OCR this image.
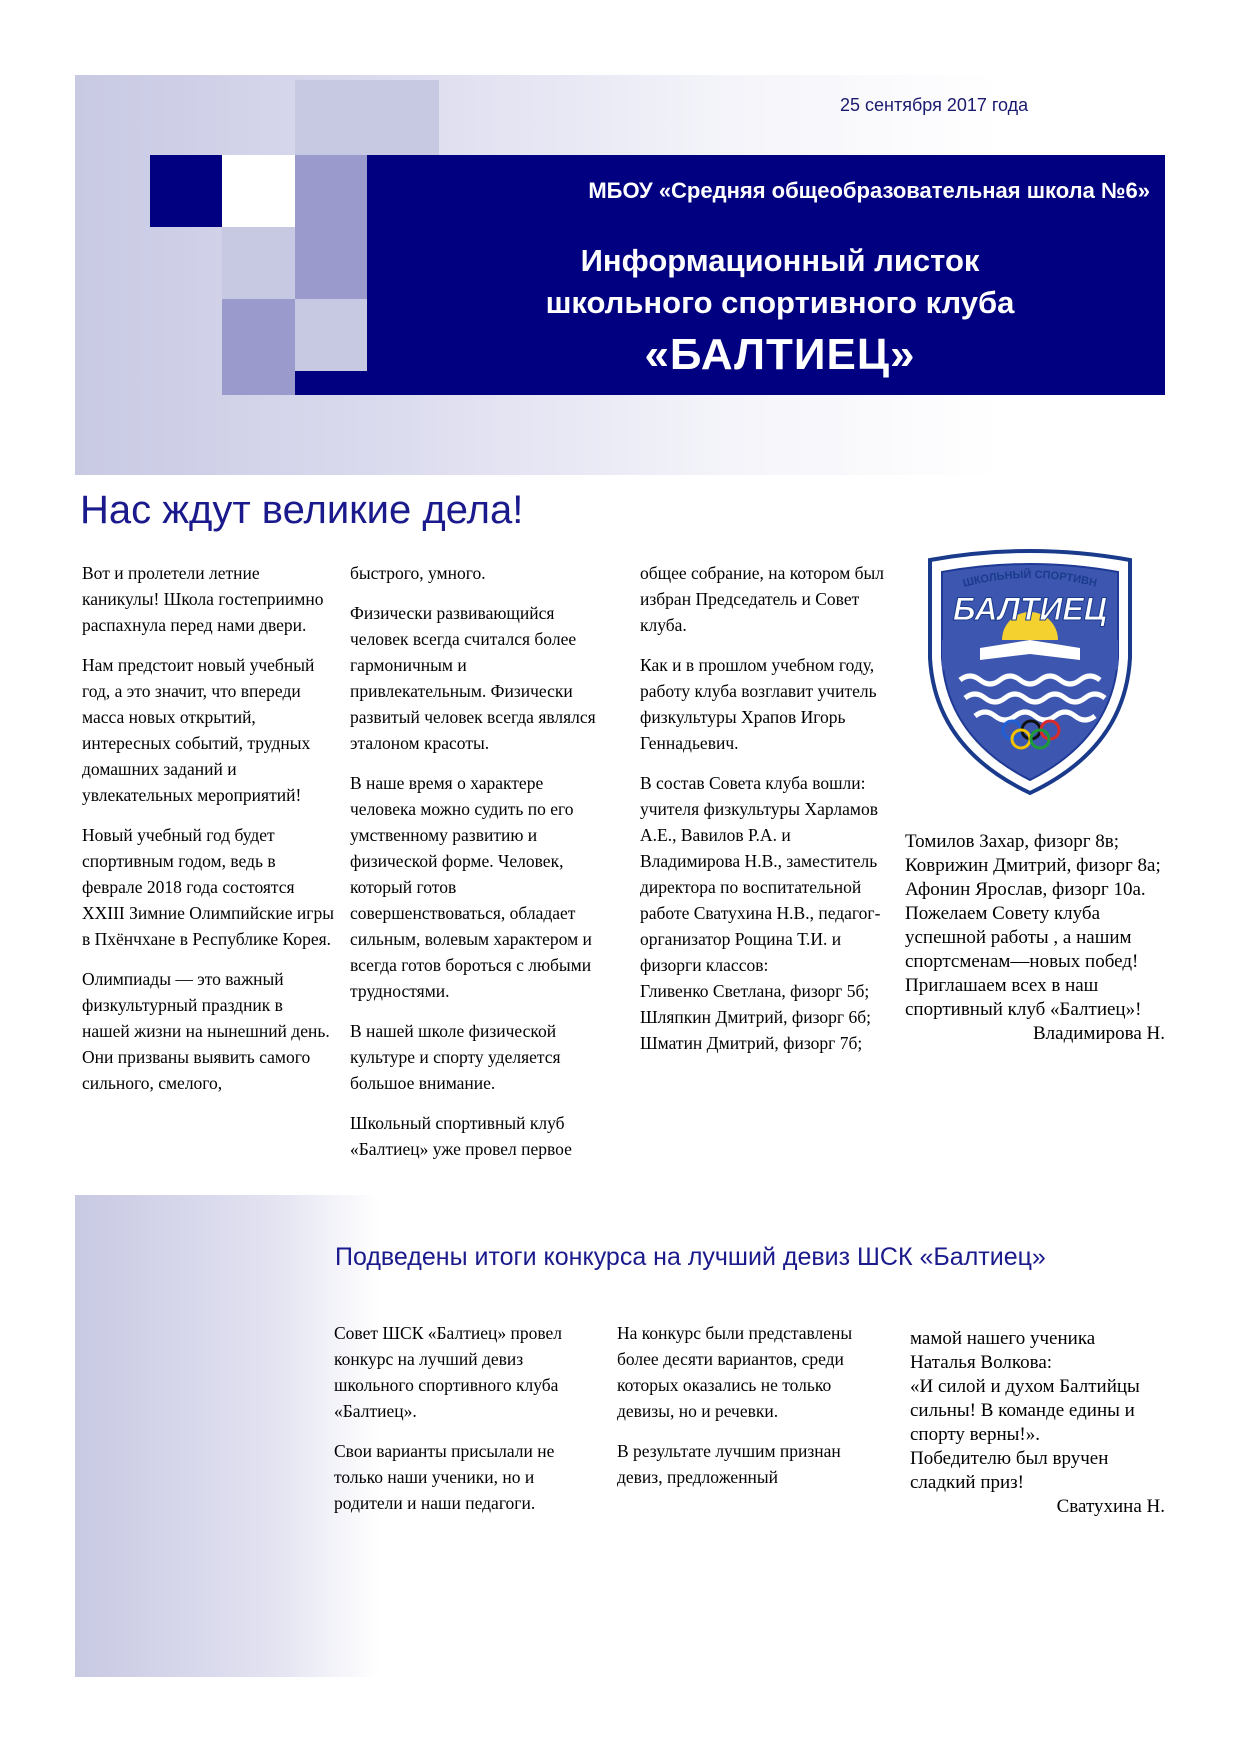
25 сентября 2017 года
МБОУ «Средняя общеобразовательная школа №6»
Информационный листок
школьного спортивного клуба
«БАЛТИЕЦ»
Нас ждут великие дела!

Вот и пролетели летние каникулы! Школа гостеприимно распахнула перед нами двери.

Нам предстоит новый учебный год, а это значит, что впереди масса новых открытий, интересных событий, трудных домашних заданий и увлекательных мероприятий!

Новый учебный год будет спортивным годом, ведь в феврале 2018 года состоятся XXIII Зимние Олимпийские игры в Пхёнчхане в Республике Корея.

Олимпиады — это важный физкультурный праздник в нашей жизни на нынешний день. Они призваны выявить самого сильного, смелого,

быстрого, умного.

Физически развивающийся человек всегда считался более гармоничным и привлекательным. Физически развитый человек всегда являлся эталоном красоты.

В наше время о характере человека можно судить по его умственному развитию и физической форме. Человек, который готов совершенствоваться, обладает сильным, волевым характером и всегда готов бороться с любыми трудностями.

В нашей школе физической культуре и спорту уделяется большое внимание.

Школьный спортивный клуб «Балтиец» уже провел первое

общее собрание, на котором был избран Председатель и Совет клуба.

Как и в прошлом учебном году, работу клуба возглавит учитель физкультуры Храпов Игорь Геннадьевич.

В состав Совета клуба вошли: учителя физкультуры Харламов А.Е., Вавилов Р.А. и Владимирова Н.В., заместитель директора по воспитательной работе Сватухина Н.В., педагог-организатор Рощина Т.И. и физорги классов:

Гливенко Светлана, физорг 5б;

Шляпкин Дмитрий, физорг 6б;

Шматин Дмитрий, физорг 7б;

ШКОЛЬНЫЙ СПОРТИВН
БАЛТИЕЦ

Томилов Захар, физорг 8в;

Коврижин Дмитрий, физорг 8а;

Афонин Ярослав, физорг 10а.

Пожелаем Совету клуба успешной работы , а нашим спортсменам—новых побед!

Приглашаем всех в наш спортивный клуб «Балтиец»!

Владимирова Н.

Подведены итоги конкурса на лучший девиз ШСК «Балтиец»

Совет ШСК «Балтиец» провел конкурс на лучший девиз школьного спортивного клуба «Балтиец».

Свои варианты присылали не только наши ученики, но и родители и наши педагоги.

На конкурс были представлены более десяти вариантов, среди которых оказались не только девизы, но и речевки.

В результате лучшим признан девиз, предложенный

мамой нашего ученика Наталья Волкова:

«И силой и духом Балтийцы сильны! В команде едины и спорту верны!».

Победителю был вручен сладкий приз!

Сватухина Н.
